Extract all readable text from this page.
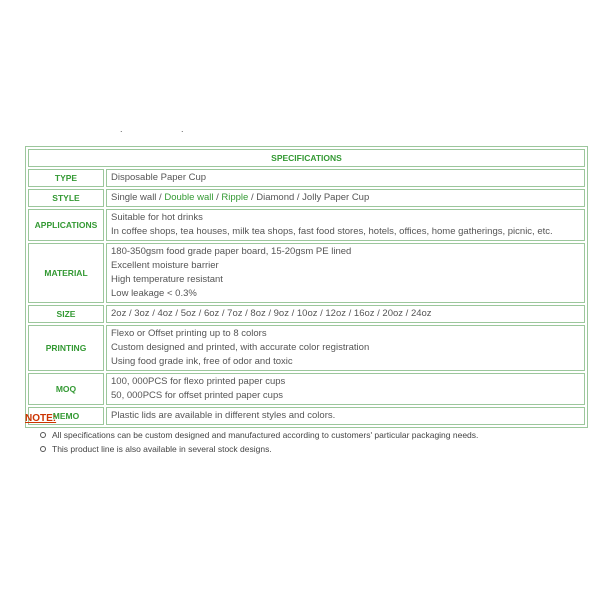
. .
SPECIFICATIONS	
TYPE	Disposable Paper Cup
STYLE	Single wall / Double wall / Ripple / Diamond / Jolly Paper Cup
APPLICATIONS	Suitable for hot drinks
In coffee shops, tea houses, milk tea shops, fast food stores, hotels, offices, home gatherings, picnic, etc.

MATERIAL	180-350gsm food grade paper board, 15-20gsm PE lined
Excellent moisture barrier
High temperature resistant
Low leakage < 0.3%

SIZE	2oz / 3oz / 4oz / 5oz / 6oz / 7oz / 8oz / 9oz / 10oz / 12oz / 16oz / 20oz / 24oz
PRINTING	Flexo or Offset printing up to 8 colors
Custom designed and printed, with accurate color registration
Using food grade ink, free of odor and toxic

MOQ	100, 000PCS for flexo printed paper cups
50, 000PCS for offset printed paper cups

MEMO	Plastic lids are available in different styles and colors.
NOTE:
All specifications can be custom designed and manufactured according to customers' particular packaging needs.
This product line is also available in several stock designs.
